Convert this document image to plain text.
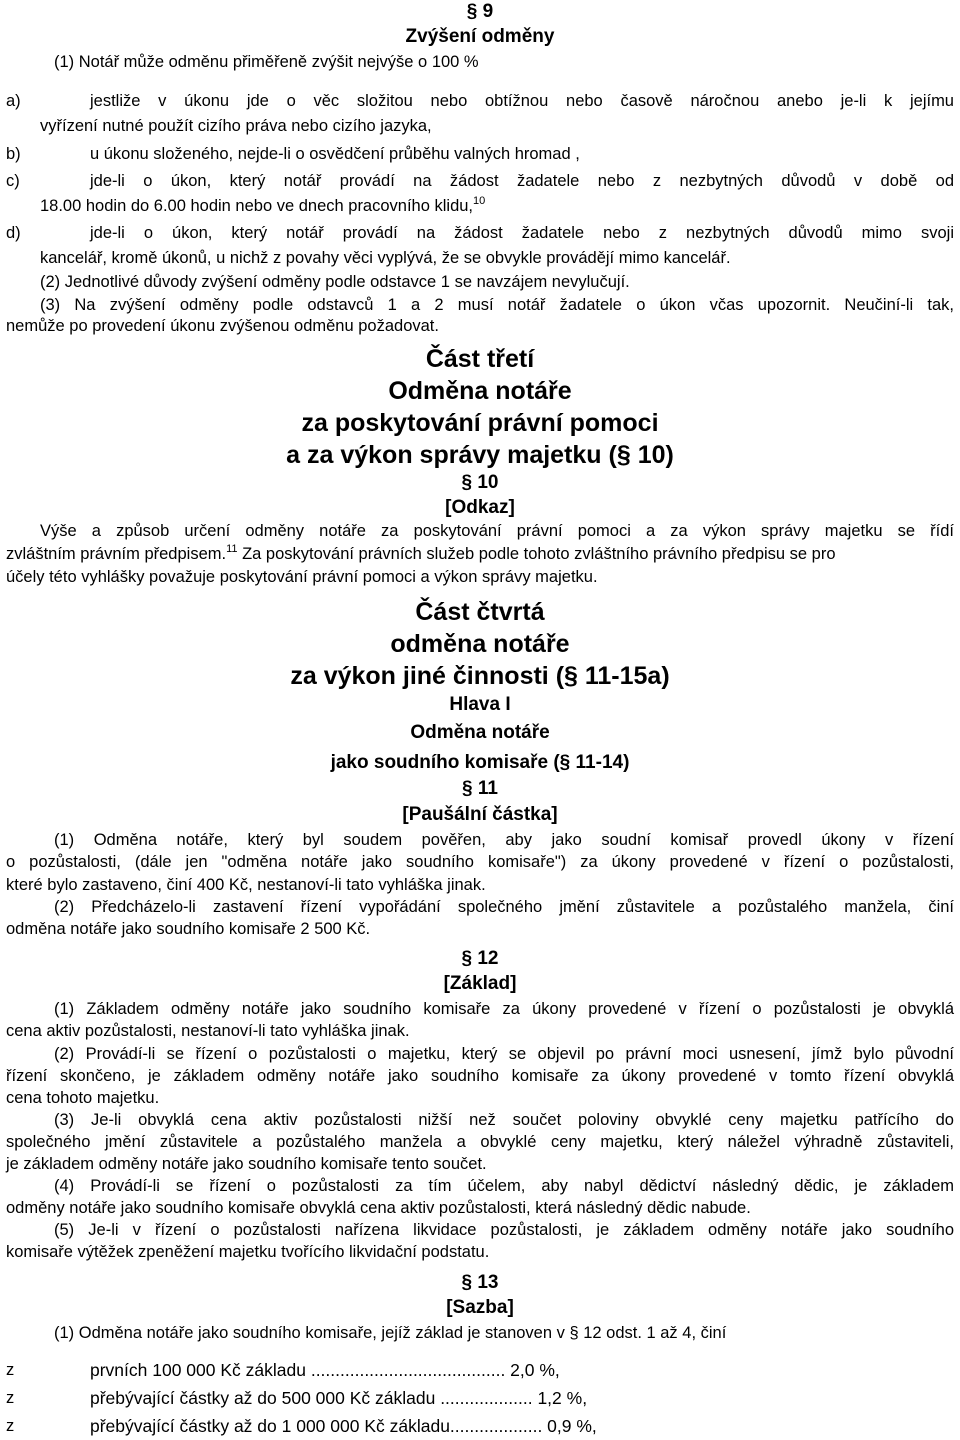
§ 9
Zvýšení odměny
(1) Notář může odměnu přiměřeně zvýšit nejvýše o 100 %
a)	jestliže v úkonu jde o věc složitou nebo obtížnou nebo časově náročnou anebo je-li k jejímu
vyřízení nutné použít cizího práva nebo cizího jazyka,
b)	u úkonu složeného, nejde-li o osvědčení průběhu valných hromad ,
c)	jde-li o úkon, který notář provádí na žádost žadatele nebo z nezbytných důvodů v době od
18.00 hodin do 6.00 hodin nebo ve dnech pracovního klidu,$^{10}$
d)	jde-li o úkon, který notář provádí na žádost žadatele nebo z nezbytných důvodů mimo svoji
kancelář, kromě úkonů, u nichž z povahy věci vyplývá, že se obvykle provádějí mimo kancelář.
(2) Jednotlivé důvody zvýšení odměny podle odstavce 1 se navzájem nevylučují.
(3) Na zvýšení odměny podle odstavců 1 a 2 musí notář žadatele o úkon včas upozornit. Neučiní-li tak,
nemůže po provedení úkonu zvýšenou odměnu požadovat.
Část třetí
Odměna notáře
za poskytování právní pomoci
a za výkon správy majetku (§ 10)
§ 10
[Odkaz]
Výše a způsob určení odměny notáře za poskytování právní pomoci a za výkon správy majetku se řídí
zvláštním právním předpisem.$^{11}$ Za poskytování právních služeb podle tohoto zvláštního právního předpisu se pro
účely této vyhlášky považuje poskytování právní pomoci a výkon správy majetku.
Část čtvrtá
odměna notáře
za výkon jiné činnosti (§ 11-15a)
Hlava I
Odměna notáře
jako soudního komisaře (§ 11-14)
§ 11
[Paušální částka]
(1) Odměna notáře, který byl soudem pověřen, aby jako soudní komisař provedl úkony v řízení
o pozůstalosti, (dále jen "odměna notáře jako soudního komisaře") za úkony provedené v řízení o pozůstalosti,
které bylo zastaveno, činí 400 Kč, nestanoví-li tato vyhláška jinak.
(2) Předcházelo-li zastavení řízení vypořádání společného jmění zůstavitele a pozůstalého manžela, činí
odměna notáře jako soudního komisaře 2 500 Kč.
§ 12
[Základ]
(1) Základem odměny notáře jako soudního komisaře za úkony provedené v řízení o pozůstalosti je obvyklá
cena aktiv pozůstalosti, nestanoví-li tato vyhláška jinak.
(2) Provádí-li se řízení o pozůstalosti o majetku, který se objevil po právní moci usnesení, jímž bylo původní
řízení skončeno, je základem odměny notáře jako soudního komisaře za úkony provedené v tomto řízení obvyklá
cena tohoto majetku.
(3) Je-li obvyklá cena aktiv pozůstalosti nižší než součet poloviny obvyklé ceny majetku patřícího do
společného jmění zůstavitele a pozůstalého manžela a obvyklé ceny majetku, který náležel výhradně zůstaviteli,
je základem odměny notáře jako soudního komisaře tento součet.
(4) Provádí-li se řízení o pozůstalosti za tím účelem, aby nabyl dědictví následný dědic, je základem
odměny notáře jako soudního komisaře obvyklá cena aktiv pozůstalosti, která následný dědic nabude.
(5) Je-li v řízení o pozůstalosti nařízena likvidace pozůstalosti, je základem odměny notáře jako soudního
komisaře výtěžek zpeněžení majetku tvořícího likvidační podstatu.
§ 13
[Sazba]
(1) Odměna notáře jako soudního komisaře, jejíž základ je stanoven v § 12 odst. 1 až 4, činí
z	prvních 100 000 Kč základu ........................................ 2,0 %,
z	přebývající částky až do 500 000 Kč základu ................... 1,2 %,
z	přebývající částky až do 1 000 000 Kč základu................... 0,9 %,
